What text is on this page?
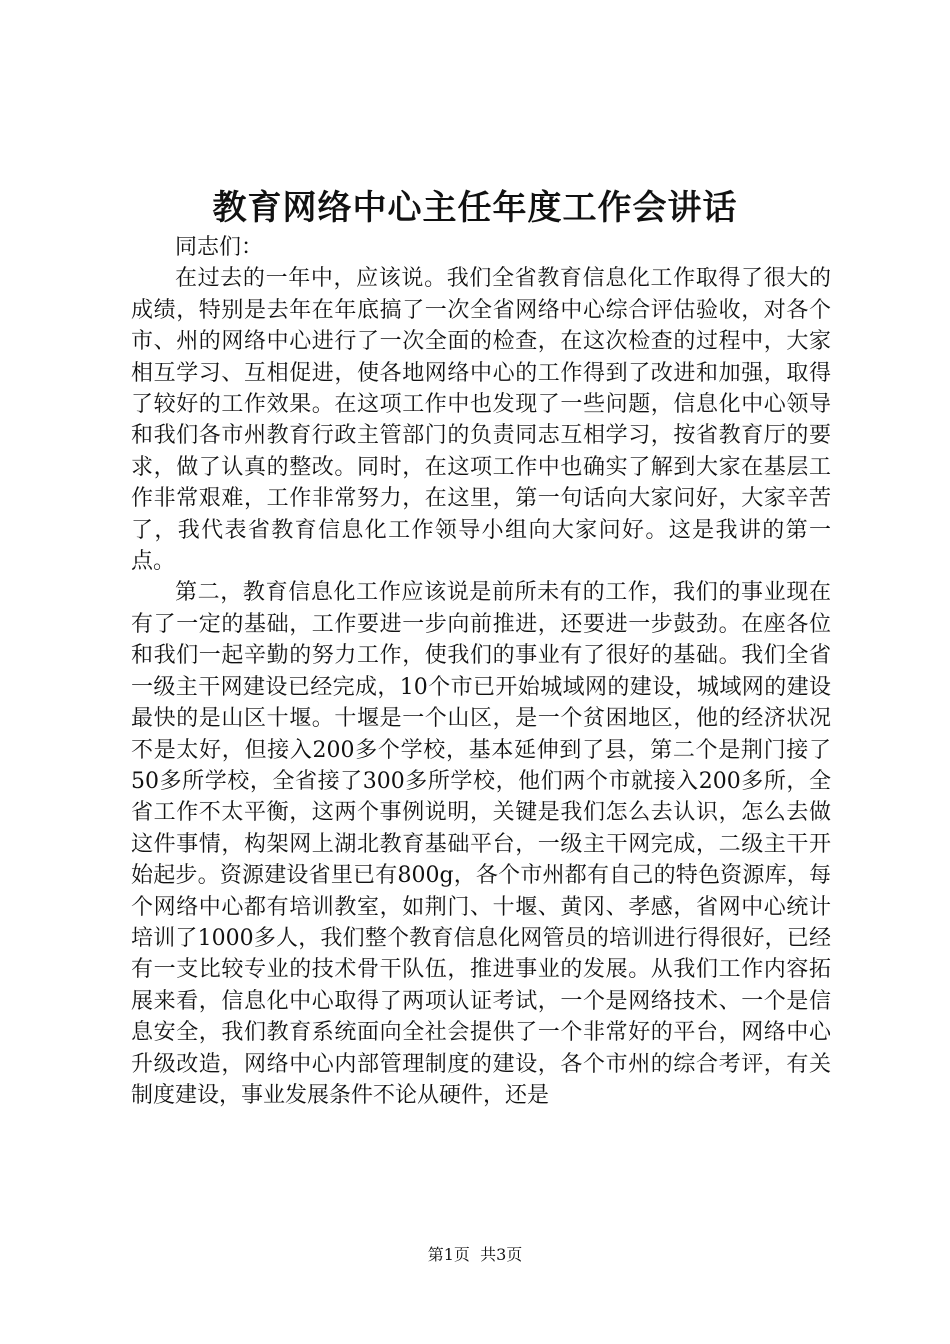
教育网络中心主任年度工作会讲话

同志们：

在过去的一年中，应该说。我们全省教育信息化工作取得了很大的成绩，特别是去年在年底搞了一次全省网络中心综合评估验收，对各个市、州的网络中心进行了一次全面的检查，在这次检查的过程中，大家相互学习、互相促进，使各地网络中心的工作得到了改进和加强，取得了较好的工作效果。在这项工作中也发现了一些问题，信息化中心领导和我们各市州教育行政主管部门的负责同志互相学习，按省教育厅的要求，做了认真的整改。同时，在这项工作中也确实了解到大家在基层工作非常艰难，工作非常努力，在这里，第一句话向大家问好，大家辛苦了，我代表省教育信息化工作领导小组向大家问好。这是我讲的第一点。

第二，教育信息化工作应该说是前所未有的工作，我们的事业现在有了一定的基础，工作要进一步向前推进，还要进一步鼓劲。在座各位和我们一起辛勤的努力工作，使我们的事业有了很好的基础。我们全省一级主干网建设已经完成，10个市已开始城域网的建设，城域网的建设最快的是山区十堰。十堰是一个山区，是一个贫困地区，他的经济状况不是太好，但接入200多个学校，基本延伸到了县，第二个是荆门接了50多所学校，全省接了300多所学校，他们两个市就接入200多所，全省工作不太平衡，这两个事例说明，关键是我们怎么去认识，怎么去做这件事情，构架网上湖北教育基础平台，一级主干网完成，二级主干开始起步。资源建设省里已有800g，各个市州都有自己的特色资源库，每个网络中心都有培训教室，如荆门、十堰、黄冈、孝感，省网中心统计培训了1000多人，我们整个教育信息化网管员的培训进行得很好，已经有一支比较专业的技术骨干队伍，推进事业的发展。从我们工作内容拓展来看，信息化中心取得了两项认证考试，一个是网络技术、一个是信息安全，我们教育系统面向全社会提供了一个非常好的平台，网络中心升级改造，网络中心内部管理制度的建设，各个市州的综合考评，有关制度建设，事业发展条件不论从硬件，还是

第1页  共3页
